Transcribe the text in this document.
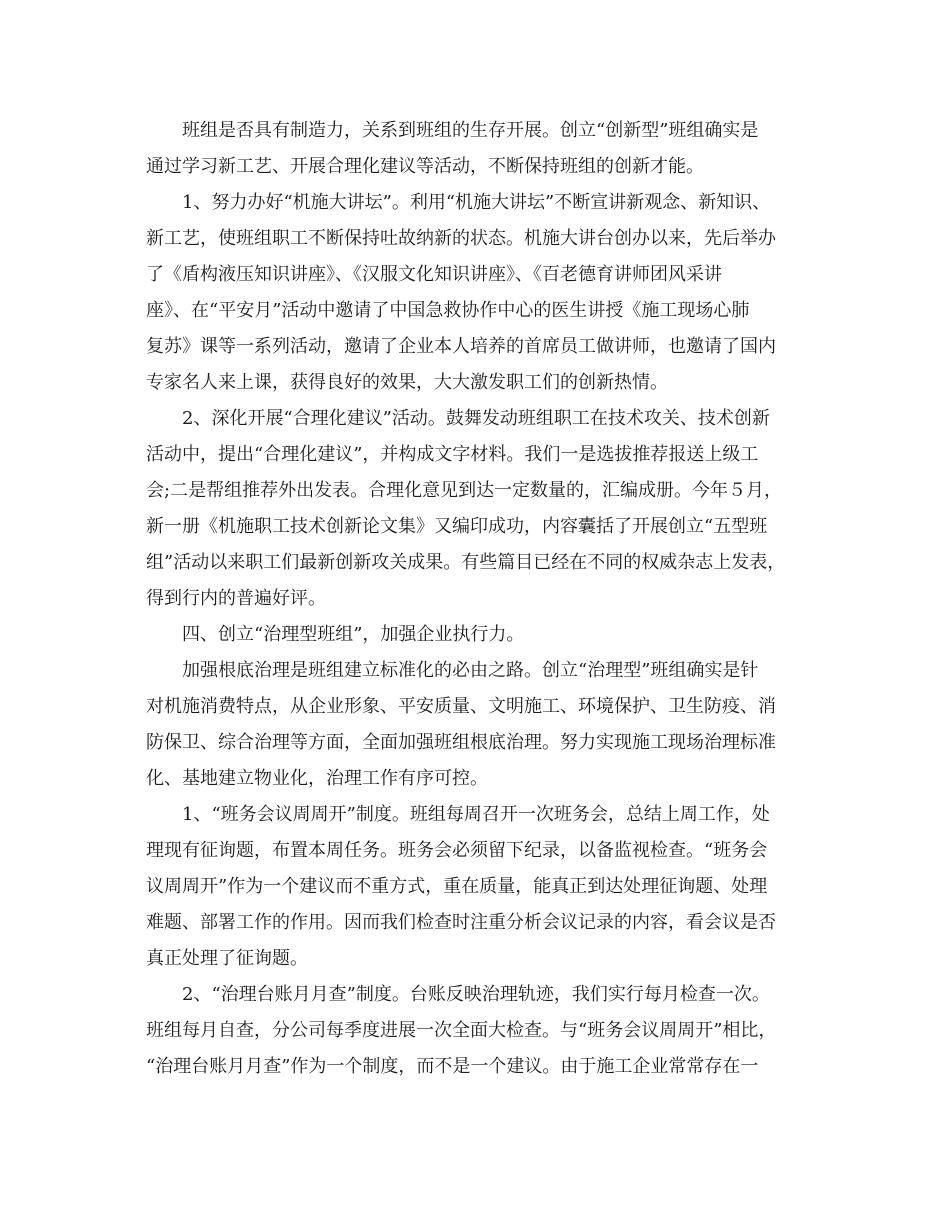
班组是否具有制造力，关系到班组的生存开展。创立“创新型”班组确实是
通过学习新工艺、开展合理化建议等活动，不断保持班组的创新才能。
1、努力办好“机施大讲坛”。利用“机施大讲坛”不断宣讲新观念、新知识、
新工艺，使班组职工不断保持吐故纳新的状态。机施大讲台创办以来，先后举办
了《盾构液压知识讲座》、《汉服文化知识讲座》、《百老德育讲师团风采讲
座》、在“平安月”活动中邀请了中国急救协作中心的医生讲授《施工现场心肺
复苏》课等一系列活动，邀请了企业本人培养的首席员工做讲师，也邀请了国内
专家名人来上课，获得良好的效果，大大激发职工们的创新热情。
2、深化开展“合理化建议”活动。鼓舞发动班组职工在技术攻关、技术创新
活动中，提出“合理化建议”，并构成文字材料。我们一是选拔推荐报送上级工
会;二是帮组推荐外出发表。合理化意见到达一定数量的，汇编成册。今年５月，
新一册《机施职工技术创新论文集》又编印成功，内容囊括了开展创立“五型班
组”活动以来职工们最新创新攻关成果。有些篇目已经在不同的权威杂志上发表，
得到行内的普遍好评。
四、创立“治理型班组”，加强企业执行力。
加强根底治理是班组建立标准化的必由之路。创立“治理型”班组确实是针
对机施消费特点，从企业形象、平安质量、文明施工、环境保护、卫生防疫、消
防保卫、综合治理等方面，全面加强班组根底治理。努力实现施工现场治理标准
化、基地建立物业化，治理工作有序可控。
1、“班务会议周周开”制度。班组每周召开一次班务会，总结上周工作，处
理现有征询题，布置本周任务。班务会必须留下纪录，以备监视检查。“班务会
议周周开”作为一个建议而不重方式，重在质量，能真正到达处理征询题、处理
难题、部署工作的作用。因而我们检查时注重分析会议记录的内容，看会议是否
真正处理了征询题。
2、“治理台账月月查”制度。台账反映治理轨迹，我们实行每月检查一次。
班组每月自查，分公司每季度进展一次全面大检查。与“班务会议周周开”相比，
“治理台账月月查”作为一个制度，而不是一个建议。由于施工企业常常存在一
